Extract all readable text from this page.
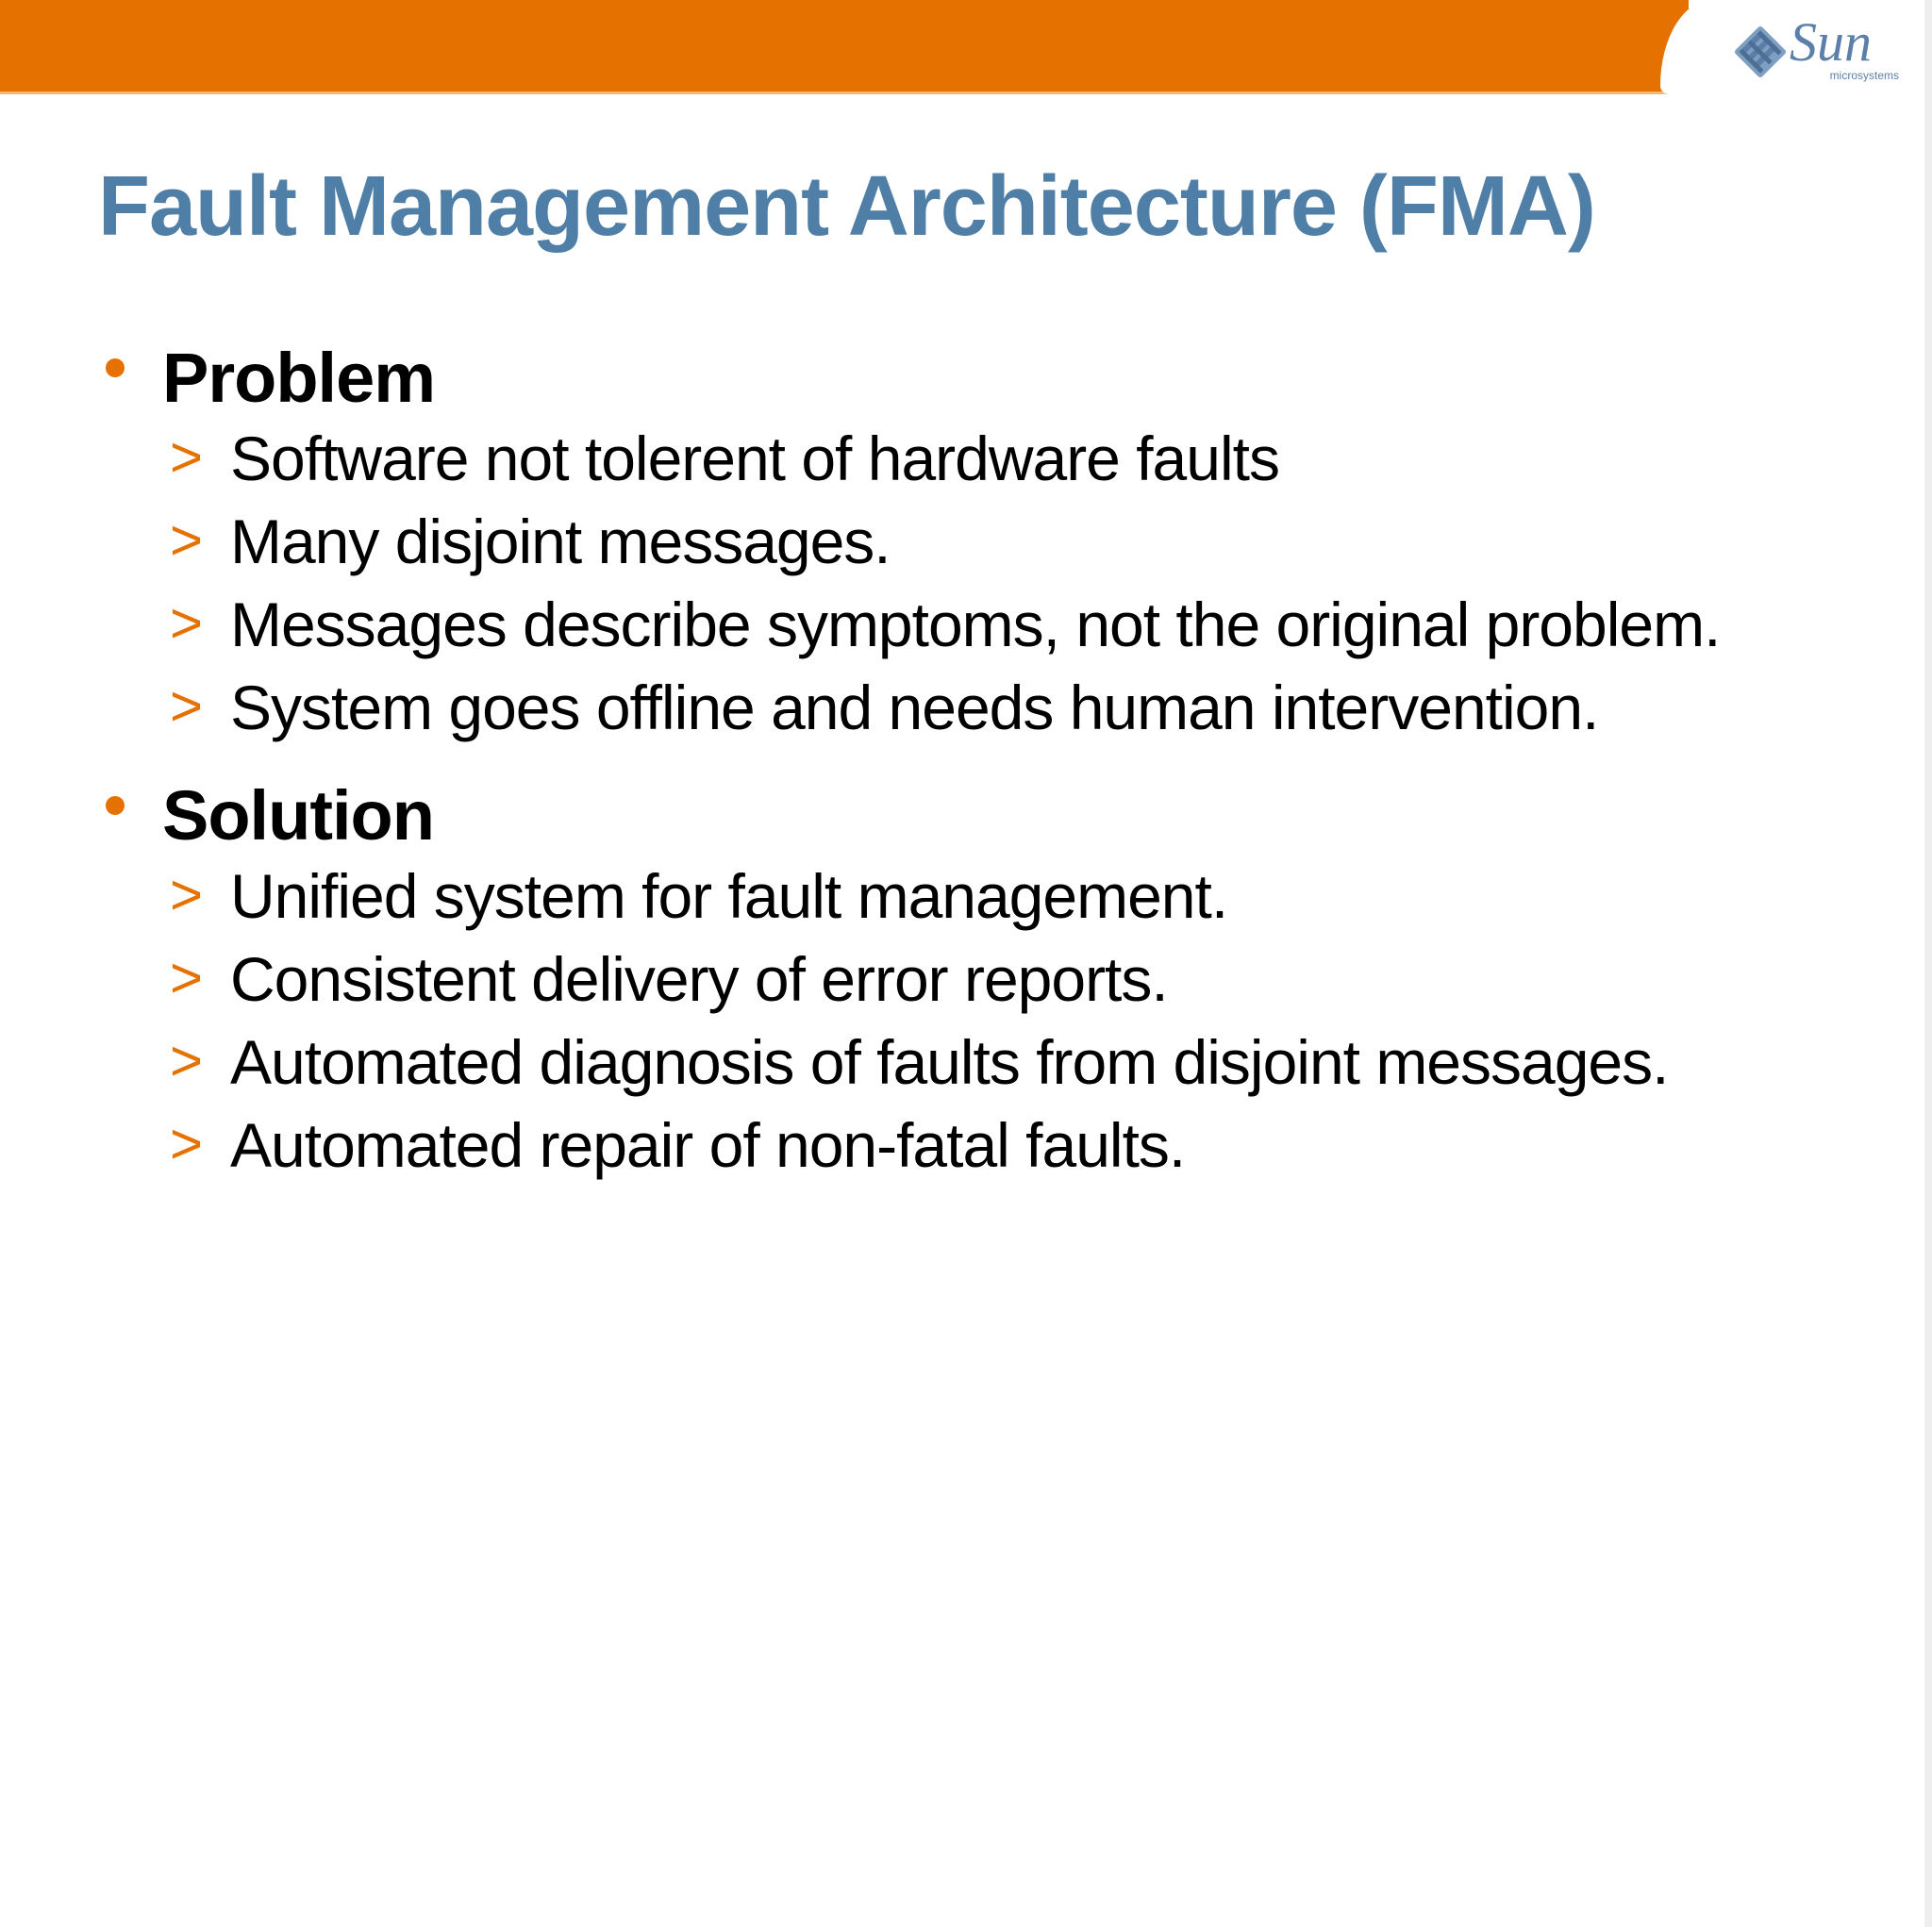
Sun
microsystems
Fault Management Architecture (FMA)
Problem
> Software not tolerent of hardware faults
> Many disjoint messages.
> Messages describe symptoms, not the original problem.
> System goes offline and needs human intervention.
Solution
> Unified system for fault management.
> Consistent delivery of error reports.
> Automated diagnosis of faults from disjoint messages.
> Automated repair of non-fatal faults.
